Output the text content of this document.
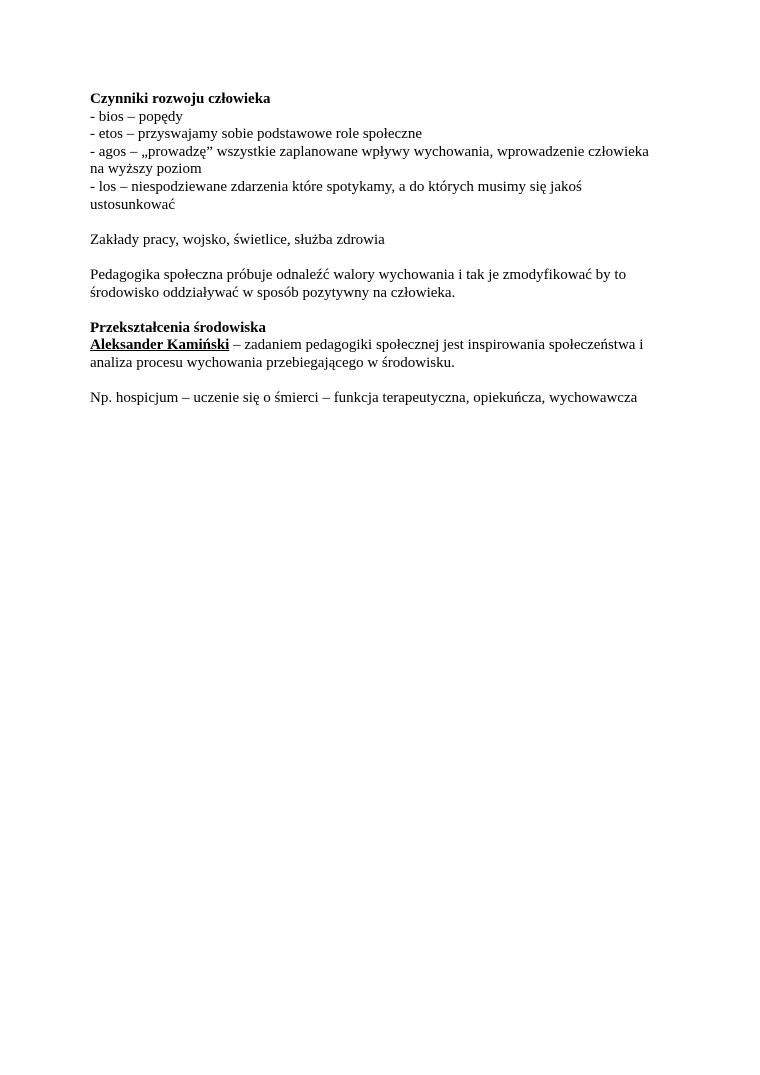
Czynniki rozwoju człowieka
- bios – popędy
- etos – przyswajamy sobie podstawowe role społeczne
- agos – „prowadzę” wszystkie zaplanowane wpływy wychowania, wprowadzenie człowieka
na wyższy poziom
- los – niespodziewane zdarzenia które spotykamy, a do których musimy się jakoś
ustosunkować
Zakłady pracy, wojsko, świetlice, służba zdrowia
Pedagogika społeczna próbuje odnaleźć walory wychowania i tak je zmodyfikować by to
środowisko oddziaływać w sposób pozytywny na człowieka.
Przekształcenia środowiska
Aleksander Kamiński – zadaniem pedagogiki społecznej jest inspirowania społeczeństwa i
analiza procesu wychowania przebiegającego w środowisku.
Np. hospicjum – uczenie się o śmierci – funkcja terapeutyczna, opiekuńcza, wychowawcza
